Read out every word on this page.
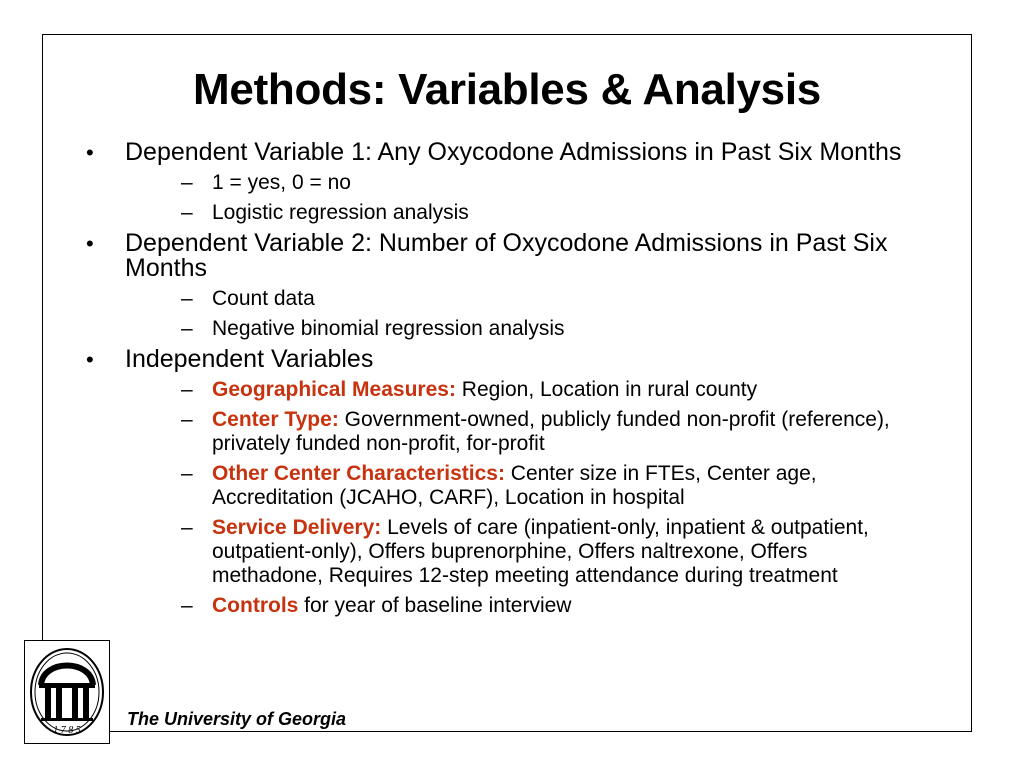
Methods: Variables & Analysis
• Dependent Variable 1: Any Oxycodone Admissions in Past Six Months
– 1 = yes, 0 = no
– Logistic regression analysis
• Dependent Variable 2: Number of Oxycodone Admissions in Past Six Months
– Count data
– Negative binomial regression analysis
• Independent Variables
– Geographical Measures: Region, Location in rural county
– Center Type: Government-owned, publicly funded non-profit (reference), privately funded non-profit, for-profit
– Other Center Characteristics: Center size in FTEs, Center age, Accreditation (JCAHO, CARF), Location in hospital
– Service Delivery: Levels of care (inpatient-only, inpatient & outpatient, outpatient-only), Offers buprenorphine, Offers naltrexone, Offers methadone, Requires 12-step meeting attendance during treatment
– Controls for year of baseline interview
1 7 8 5
The University of Georgia
